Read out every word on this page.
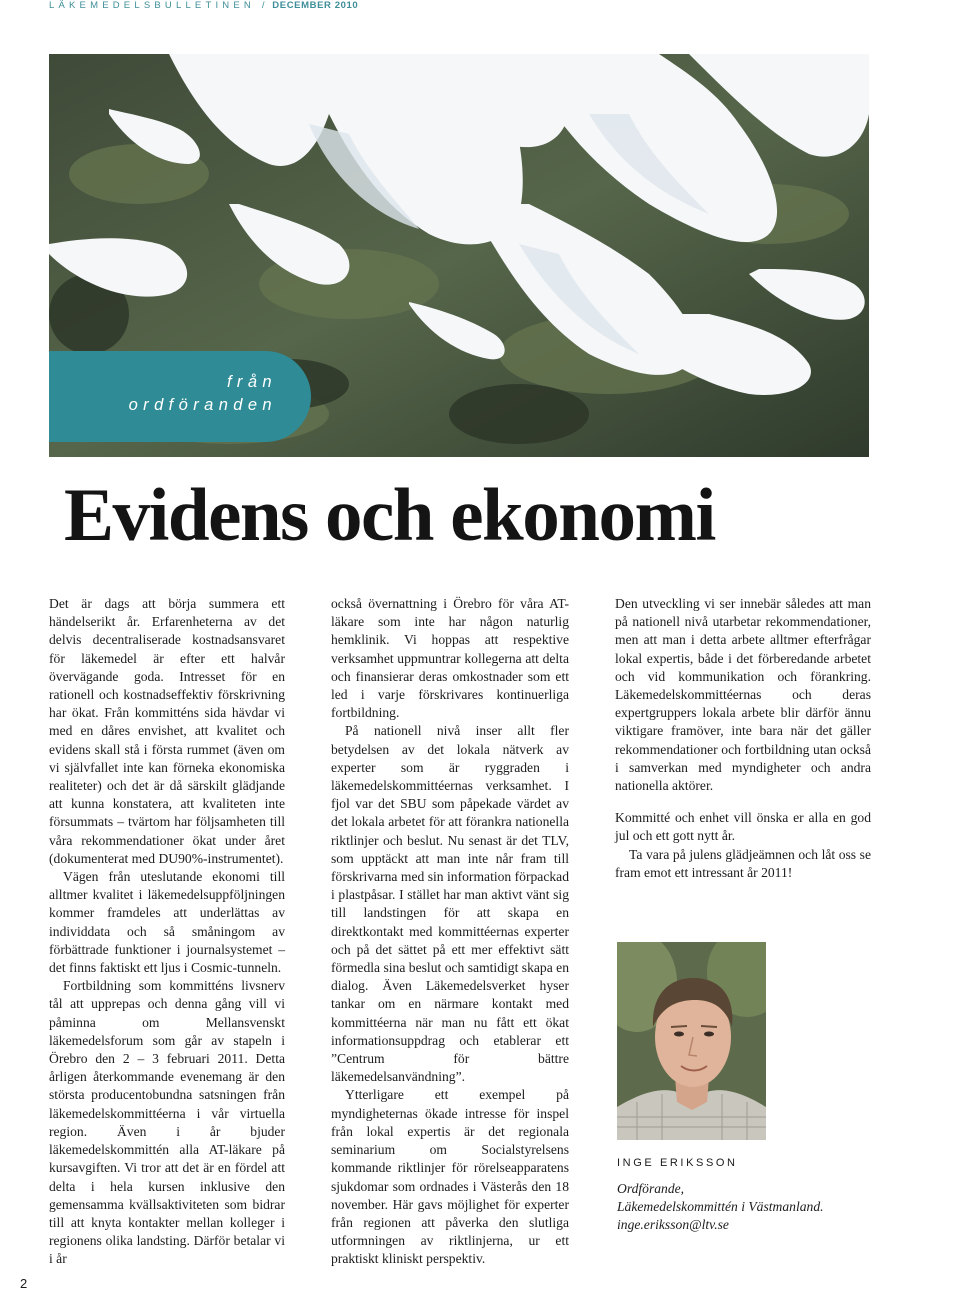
LÄKEMEDELSBULLETINEN / DECEMBER 2010
från
ordföranden
Evidens och ekonomi

Det är dags att börja summera ett händelserikt år. Erfarenheterna av det delvis decentraliserade kostnadsansvaret för läkemedel är efter ett halvår övervägande goda. Intresset för en rationell och kostnadseffektiv förskrivning har ökat. Från kommitténs sida hävdar vi med en dåres envishet, att kvalitet och evidens skall stå i första rummet (även om vi självfallet inte kan förneka ekonomiska realiteter) och det är då särskilt glädjande att kunna konstatera, att kvaliteten inte försummats – tvärtom har följsamheten till våra rekommendationer ökat under året (dokumenterat med DU90%-instrumentet).

Vägen från uteslutande ekonomi till alltmer kvalitet i läkemedelsuppföljningen kommer framdeles att underlättas av individdata och så småningom av förbättrade funktioner i journalsystemet – det finns faktiskt ett ljus i Cosmic-tunneln.

Fortbildning som kommitténs livsnerv tål att upprepas och denna gång vill vi påminna om Mellansvenskt läkemedelsforum som går av stapeln i Örebro den 2 – 3 februari 2011. Detta årligen återkommande evenemang är den största producentobundna satsningen från läkemedelskommittéerna i vår virtuella region. Även i år bjuder läkemedelskommittén alla AT-läkare på kursavgiften. Vi tror att det är en fördel att delta i hela kursen inklusive den gemensamma kvällsaktiviteten som bidrar till att knyta kontakter mellan kolleger i regionens olika landsting. Därför betalar vi i år

också övernattning i Örebro för våra AT-läkare som inte har någon naturlig hemklinik. Vi hoppas att respektive verksamhet uppmuntrar kollegerna att delta och finansierar deras omkostnader som ett led i varje förskrivares kontinuerliga fortbildning.

På nationell nivå inser allt fler betydelsen av det lokala nätverk av experter som är ryggraden i läkemedelskommittéernas verksamhet. I fjol var det SBU som påpekade värdet av det lokala arbetet för att förankra nationella riktlinjer och beslut. Nu senast är det TLV, som upptäckt att man inte når fram till förskrivarna med sin information förpackad i plastpåsar. I stället har man aktivt vänt sig till landstingen för att skapa en direktkontakt med kommittéernas experter och på det sättet på ett mer effektivt sätt förmedla sina beslut och samtidigt skapa en dialog. Även Läkemedelsverket hyser tankar om en närmare kontakt med kommittéerna när man nu fått ett ökat informationsuppdrag och etablerar ett ”Centrum för bättre läkemedelsanvändning”.

Ytterligare ett exempel på myndigheternas ökade intresse för inspel från lokal expertis är det regionala seminarium om Socialstyrelsens kommande riktlinjer för rörelseapparatens sjukdomar som ordnades i Västerås den 18 november. Här gavs möjlighet för experter från regionen att påverka den slutliga utformningen av riktlinjerna, ur ett praktiskt kliniskt perspektiv.

Den utveckling vi ser innebär således att man på nationell nivå utarbetar rekommendationer, men att man i detta arbete alltmer efterfrågar lokal expertis, både i det förberedande arbetet och vid kommunikation och förankring. Läkemedelskommittéernas och deras expertgruppers lokala arbete blir därför ännu viktigare framöver, inte bara när det gäller rekommendationer och fortbildning utan också i samverkan med myndigheter och andra nationella aktörer.

Kommitté och enhet vill önska er alla en god jul och ett gott nytt år.

Ta vara på julens glädjeämnen och låt oss se fram emot ett intressant år 2011!

INGE ERIKSSON
Ordförande,
Läkemedelskommittén i Västmanland.
inge.eriksson@ltv.se
2
